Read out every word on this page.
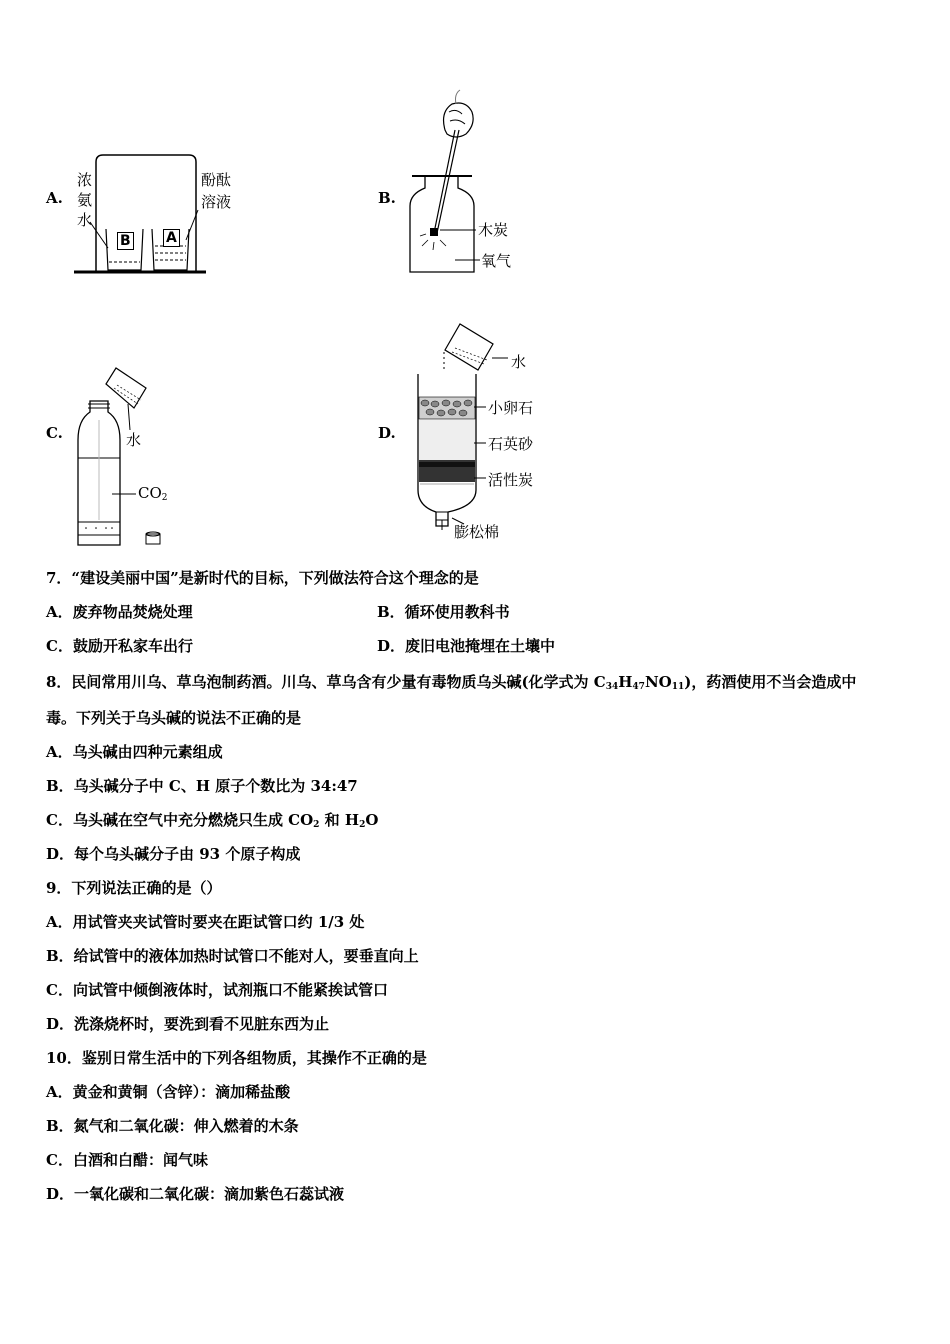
A.
浓
氨
水
酚酞
溶液
B	A
B.
木炭
氧气
C.	水
$CO_2$
D.
水
小卵石
石英砂
活性炭
膨松棉
7．“建设美丽中国”是新时代的目标，下列做法符合这个理念的是
A．废弃物品焚烧处理	B．循环使用教科书
C．鼓励开私家车出行	D．废旧电池掩埋在土壤中
8．民间常用川乌、草乌泡制药酒。川乌、草乌含有少量有毒物质乌头碱(化学式为 $C_{34}H_{47}NO_{11}$)，药酒使用不当会造成中
毒。下列关于乌头碱的说法不正确的是
A．乌头碱由四种元素组成
B．乌头碱分子中 C、H 原子个数比为 34:47
C．乌头碱在空气中充分燃烧只生成 $CO_2$ 和 $H_2O$
D．每个乌头碱分子由 93 个原子构成
9．下列说法正确的是（）
A．用试管夹夹试管时要夹在距试管口约 1/3 处
B．给试管中的液体加热时试管口不能对人，要垂直向上
C．向试管中倾倒液体时，试剂瓶口不能紧挨试管口
D．洗涤烧杯时，要洗到看不见脏东西为止
10．鉴别日常生活中的下列各组物质，其操作不正确的是
A．黄金和黄铜（含锌）：滴加稀盐酸
B．氮气和二氧化碳：伸入燃着的木条
C．白酒和白醋：闻气味
D．一氧化碳和二氧化碳：滴加紫色石蕊试液
